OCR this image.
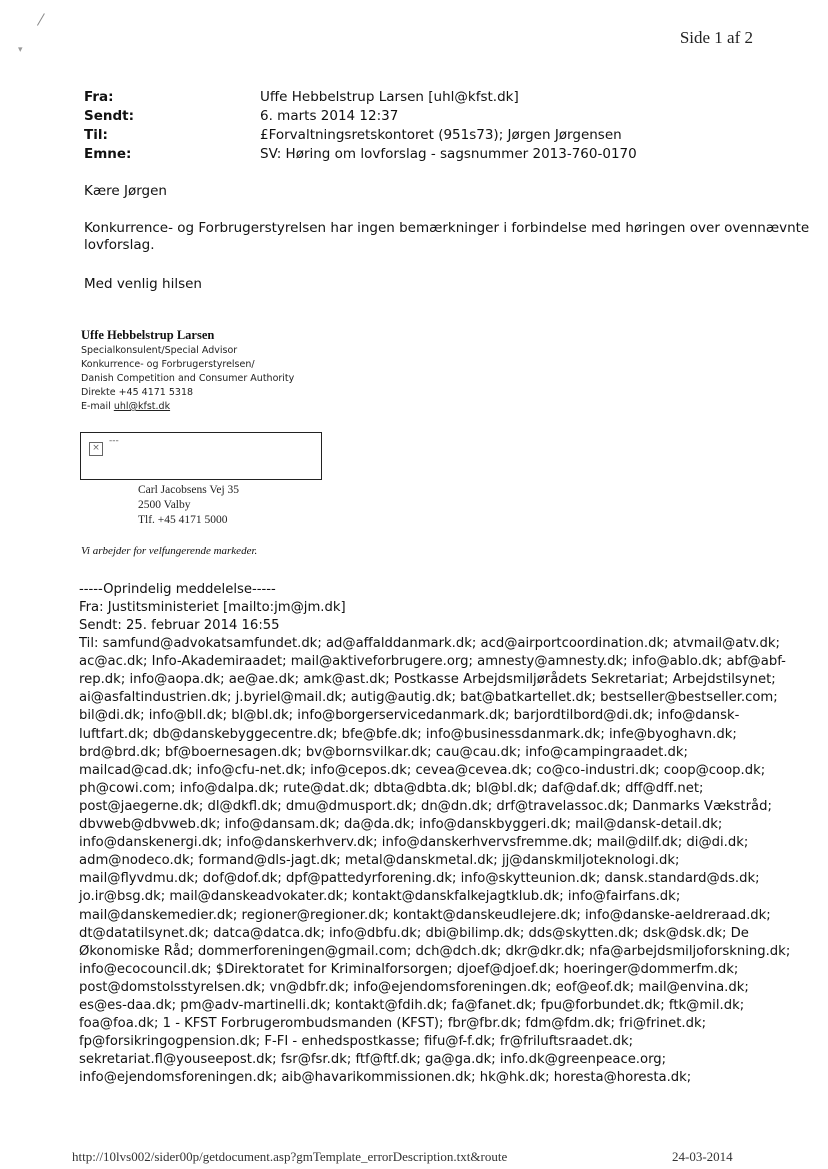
▾
Side 1 af 2
Fra:	Uffe Hebbelstrup Larsen [uhl@kfst.dk]
Sendt:	6. marts 2014 12:37
Til:	£Forvaltningsretskontoret (951s73); Jørgen Jørgensen
Emne:	SV: Høring om lovforslag - sagsnummer 2013-760-0170
Kære Jørgen
Konkurrence- og Forbrugerstyrelsen har ingen bemærkninger i forbindelse med høringen over ovennævnte
lovforslag.
Med venlig hilsen
Uffe Hebbelstrup Larsen
Specialkonsulent/Special Advisor
Konkurrence- og Forbrugerstyrelsen/
Danish Competition and Consumer Authority
Direkte +45 4171 5318
E-mail uhl@kfst.dk
×
---
Carl Jacobsens Vej 35
2500 Valby
Tlf. +45 4171 5000
Vi arbejder for velfungerende markeder.
-----Oprindelig meddelelse-----
Fra: Justitsministeriet [mailto:jm@jm.dk]
Sendt: 25. februar 2014 16:55
Til: samfund@advokatsamfundet.dk; ad@affalddanmark.dk; acd@airportcoordination.dk; atvmail@atv.dk;
ac@ac.dk; Info-Akademiraadet; mail@aktiveforbrugere.org; amnesty@amnesty.dk; info@ablo.dk; abf@abf-
rep.dk; info@aopa.dk; ae@ae.dk; amk@ast.dk; Postkasse Arbejdsmiljørådets Sekretariat; Arbejdstilsynet;
ai@asfaltindustrien.dk; j.byriel@mail.dk; autig@autig.dk; bat@batkartellet.dk; bestseller@bestseller.com;
bil@di.dk; info@bll.dk; bl@bl.dk; info@borgerservicedanmark.dk; barjordtilbord@di.dk; info@dansk-
luftfart.dk; db@danskebyggecentre.dk; bfe@bfe.dk; info@businessdanmark.dk; infe@byoghavn.dk;
brd@brd.dk; bf@boernesagen.dk; bv@bornsvilkar.dk; cau@cau.dk; info@campingraadet.dk;
mailcad@cad.dk; info@cfu-net.dk; info@cepos.dk; cevea@cevea.dk; co@co-industri.dk; coop@coop.dk;
ph@cowi.com; info@dalpa.dk; rute@dat.dk; dbta@dbta.dk; bl@bl.dk; daf@daf.dk; dff@dff.net;
post@jaegerne.dk; dl@dkfl.dk; dmu@dmusport.dk; dn@dn.dk; drf@travelassoc.dk; Danmarks Vækstråd;
dbvweb@dbvweb.dk; info@dansam.dk; da@da.dk; info@danskbyggeri.dk; mail@dansk-detail.dk;
info@danskenergi.dk; info@danskerhverv.dk; info@danskerhvervsfremme.dk; mail@dilf.dk; di@di.dk;
adm@nodeco.dk; formand@dls-jagt.dk; metal@danskmetal.dk; jj@danskmiljoteknologi.dk;
mail@flyvdmu.dk; dof@dof.dk; dpf@pattedyrforening.dk; info@skytteunion.dk; dansk.standard@ds.dk;
jo.ir@bsg.dk; mail@danskeadvokater.dk; kontakt@danskfalkejagtklub.dk; info@fairfans.dk;
mail@danskemedier.dk; regioner@regioner.dk; kontakt@danskeudlejere.dk; info@danske-aeldreraad.dk;
dt@datatilsynet.dk; datca@datca.dk; info@dbfu.dk; dbi@bilimp.dk; dds@skytten.dk; dsk@dsk.dk; De
Økonomiske Råd; dommerforeningen@gmail.com; dch@dch.dk; dkr@dkr.dk; nfa@arbejdsmiljoforskning.dk;
info@ecocouncil.dk; $Direktoratet for Kriminalforsorgen; djoef@djoef.dk; hoeringer@dommerfm.dk;
post@domstolsstyrelsen.dk; vn@dbfr.dk; info@ejendomsforeningen.dk; eof@eof.dk; mail@envina.dk;
es@es-daa.dk; pm@adv-martinelli.dk; kontakt@fdih.dk; fa@fanet.dk; fpu@forbundet.dk; ftk@mil.dk;
foa@foa.dk; 1 - KFST Forbrugerombudsmanden (KFST); fbr@fbr.dk; fdm@fdm.dk; fri@frinet.dk;
fp@forsikringogpension.dk; F-FI - enhedspostkasse; fifu@f-f.dk; fr@friluftsraadet.dk;
sekretariat.fl@youseepost.dk; fsr@fsr.dk; ftf@ftf.dk; ga@ga.dk; info.dk@greenpeace.org;
info@ejendomsforeningen.dk; aib@havarikommissionen.dk; hk@hk.dk; horesta@horesta.dk;
http://10lvs002/sider00p/getdocument.asp?gmTemplate_errorDescription.txt&route	24-03-2014
